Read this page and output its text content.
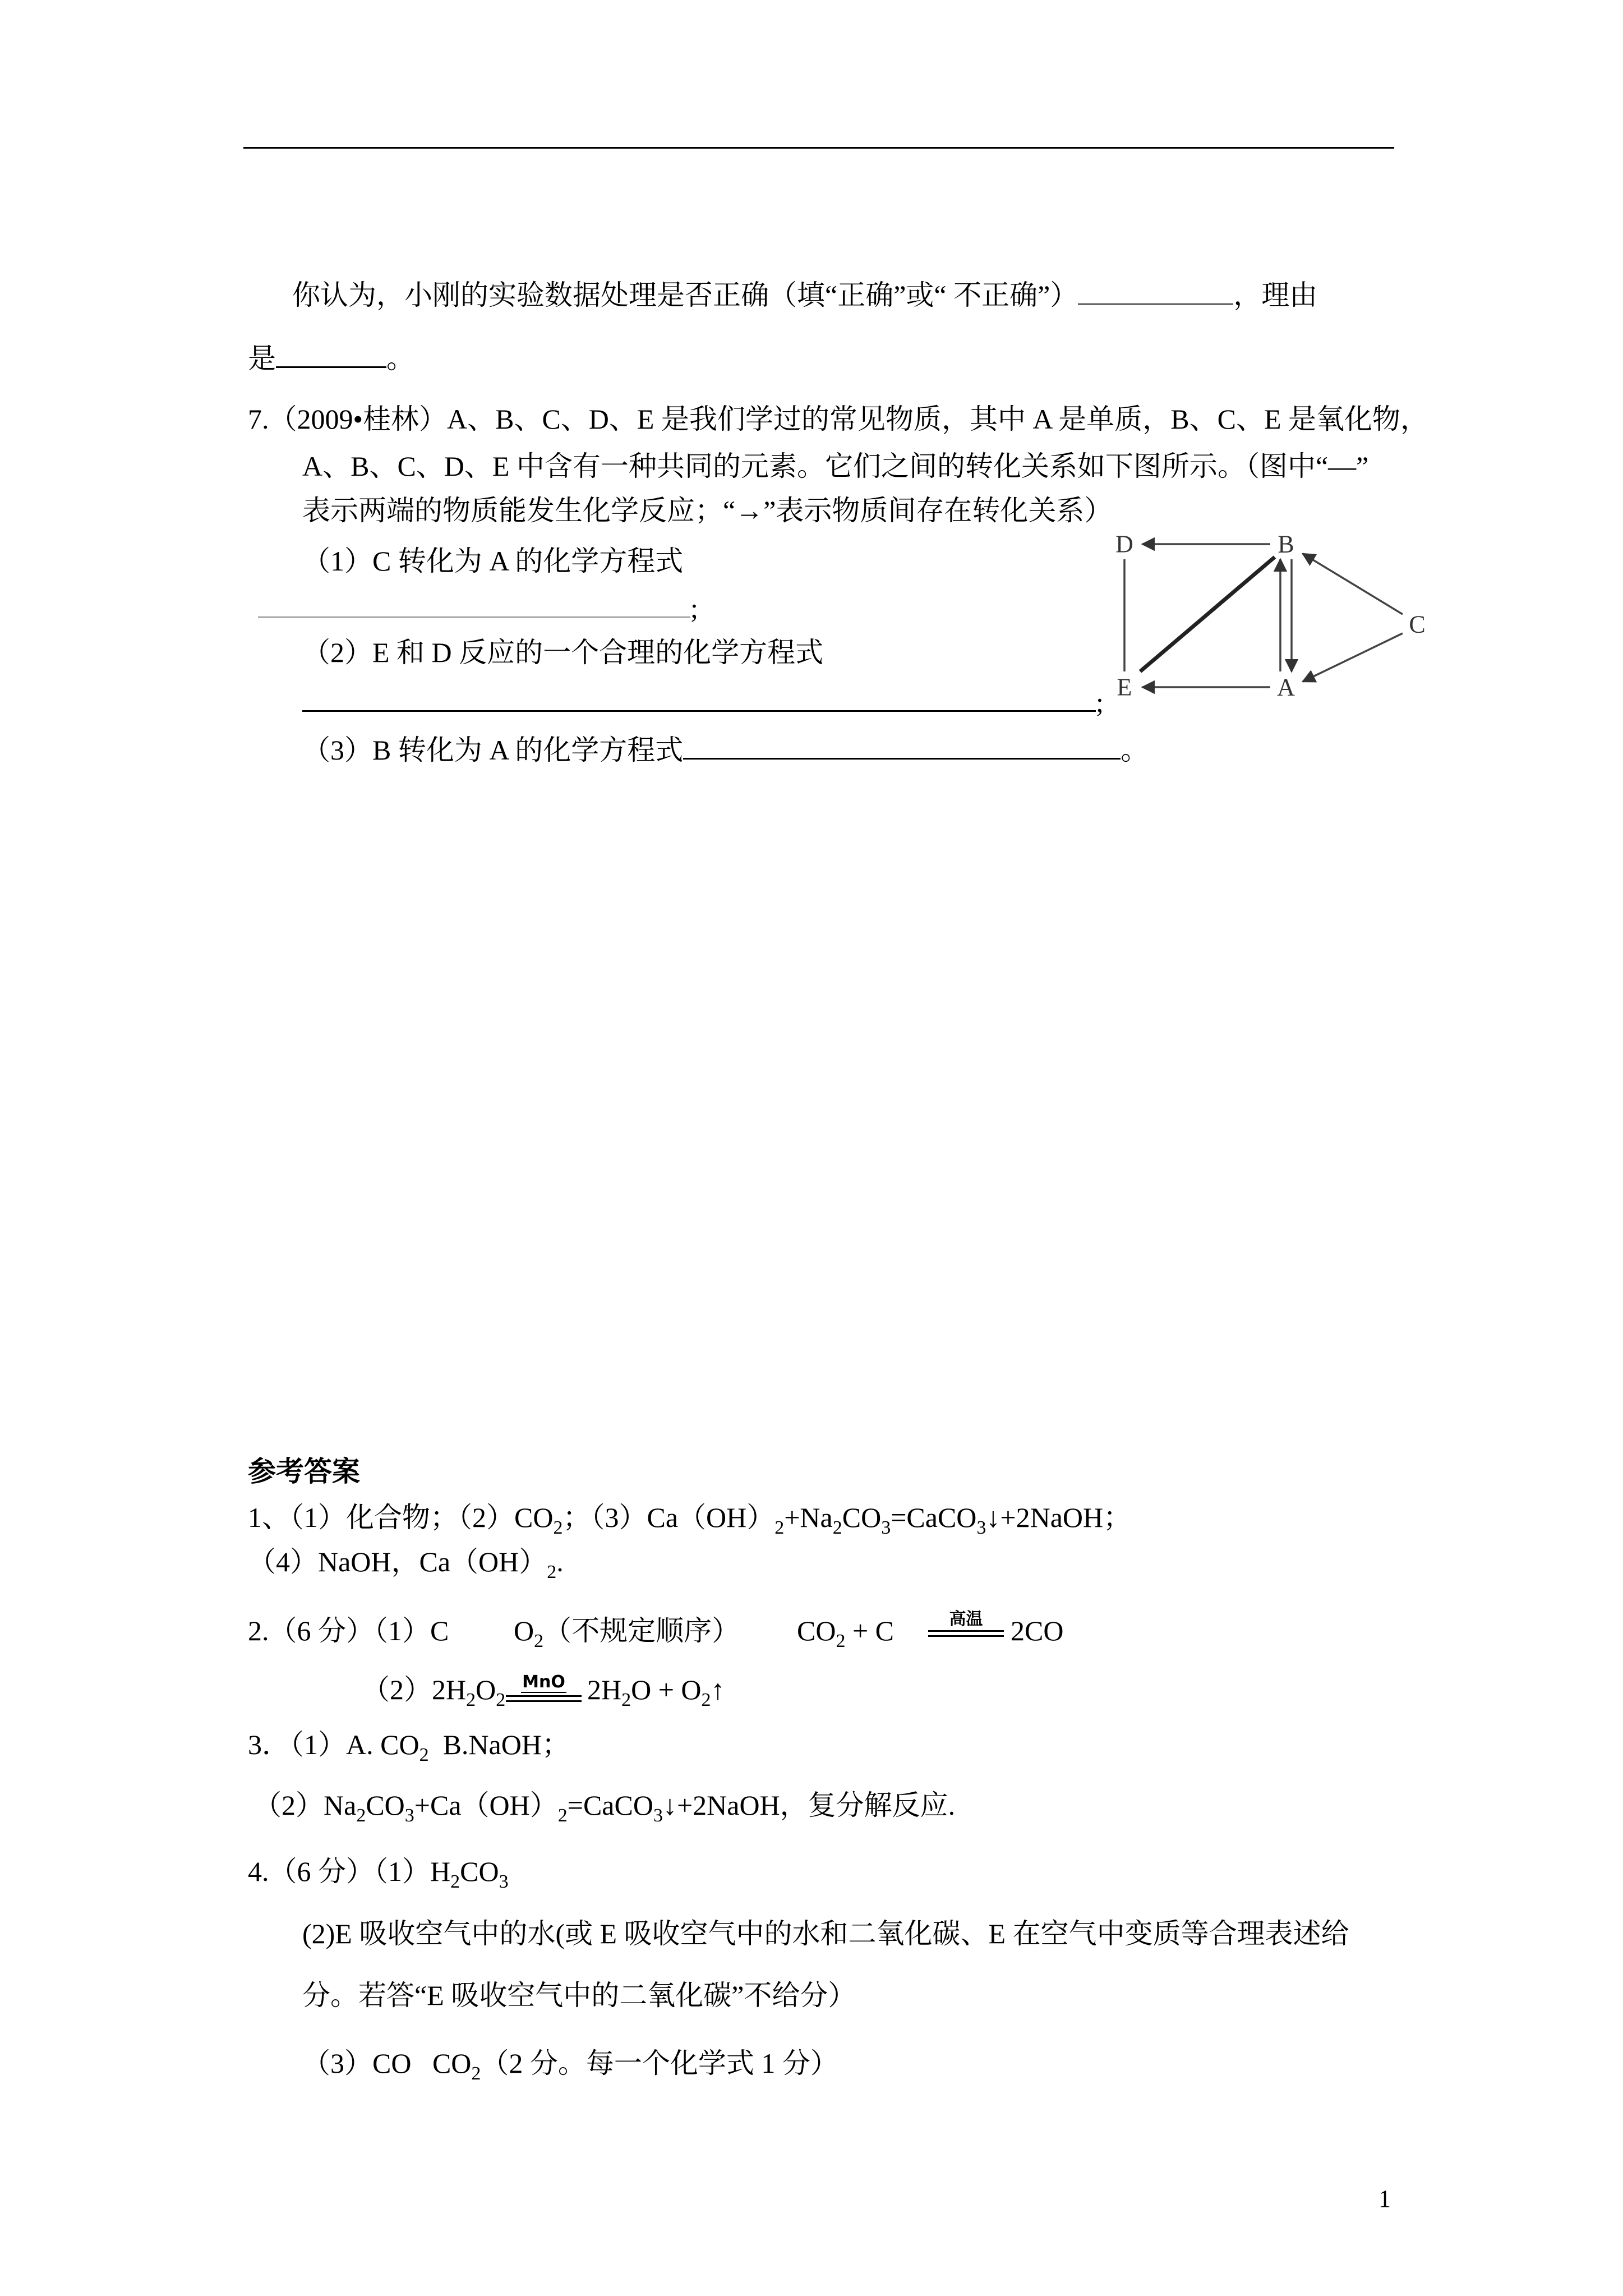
你认为，小刚的实验数据处理是否正确（填“正确”或“ 不正确”）	，理由
是	。
7.（2009•桂林）A、B、C、D、E 是我们学过的常见物质，其中 A 是单质，B、C、E 是氧化物，
A、B、C、D、E 中含有一种共同的元素。它们之间的转化关系如下图所示。（图中“—”
表示两端的物质能发生化学反应；“→”表示物质间存在转化关系）
（1）C 转化为 A 的化学方程式
;
（2）E 和 D 反应的一个合理的化学方程式
;
（3）B 转化为 A 的化学方程式	。
D	B
C
E	A
参考答案
1、（1）化合物；（2）CO 2 ；（3）Ca（OH） 2 +Na 2 CO 3 =CaCO 3 ↓+2NaOH；
（4）NaOH，Ca（OH） 2 .
2.（6 分）（1）C O 2 （不规定顺序） CO 2 + C	高温 2CO
（2）2H 2 O 2
MnO 2H 2 O + O 2 ↑
3．（1）A. CO 2 B.NaOH；
（2）Na 2 CO 3 +Ca（OH） 2 =CaCO 3 ↓+2NaOH，复分解反应.
4.（6 分）（1）H 2 CO 3
(2)E 吸收空气中的水(或 E 吸收空气中的水和二氧化碳、E 在空气中变质等合理表述给
分。若答“E 吸收空气中的二氧化碳”不给分）
（3）CO   CO 2 （2 分。每一个化学式 1 分）
1
